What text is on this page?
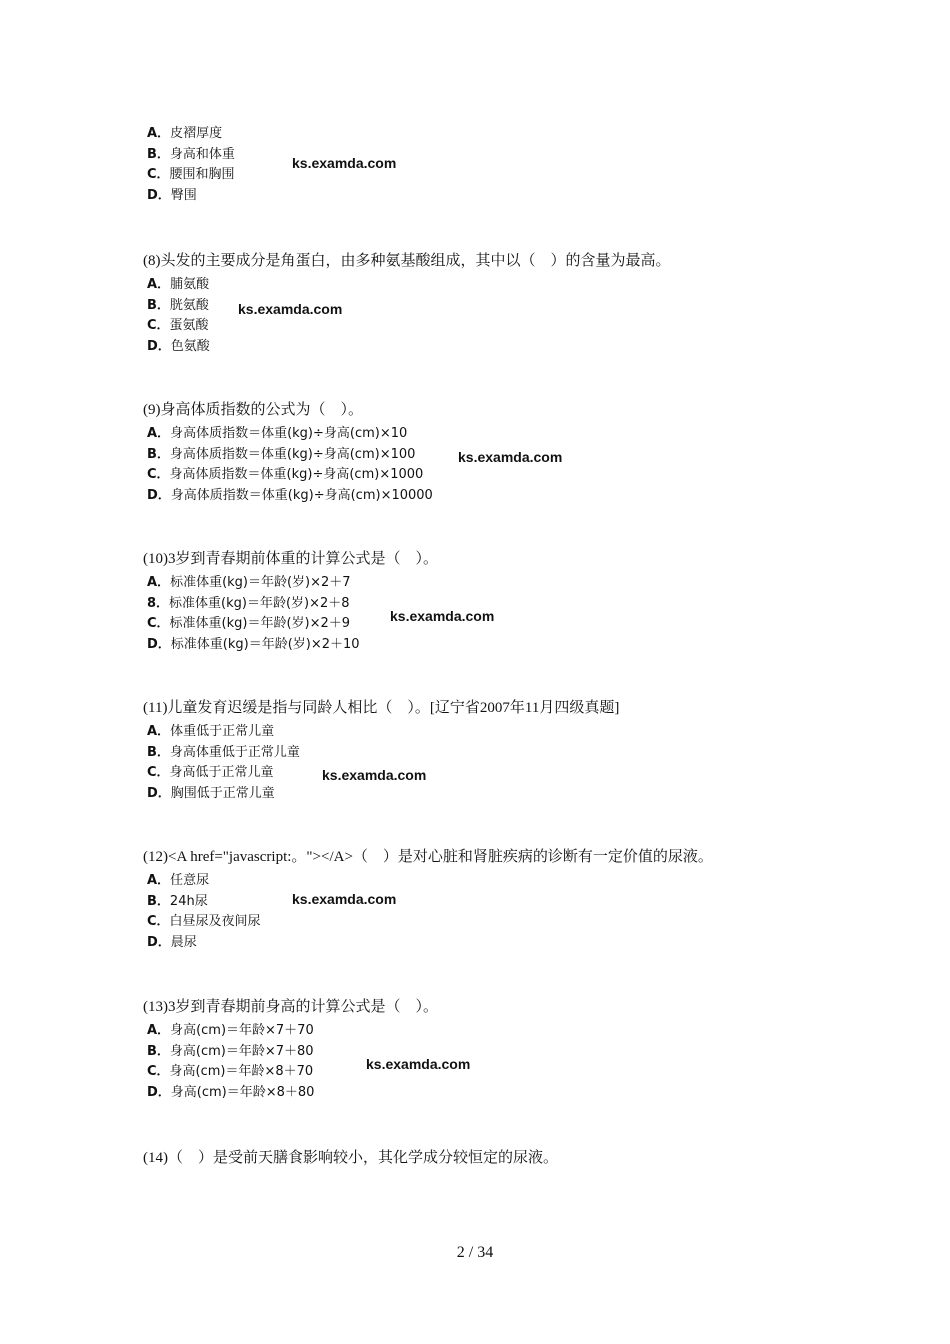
A．皮褶厚度
B．身高和体重
C．腰围和胸围
D．臀围
ks.examda.com
(8)头发的主要成分是角蛋白，由多种氨基酸组成，其中以（　）的含量为最高。
A．脯氨酸
B．胱氨酸
C．蛋氨酸
D．色氨酸
ks.examda.com
(9)身高体质指数的公式为（　）。
A．身高体质指数＝体重(kg)÷身高(cm)×10
B．身高体质指数＝体重(kg)÷身高(cm)×100
C．身高体质指数＝体重(kg)÷身高(cm)×1000
D．身高体质指数＝体重(kg)÷身高(cm)×10000
ks.examda.com
(10)3岁到青春期前体重的计算公式是（　）。
A．标准体重(kg)＝年龄(岁)×2＋7
8．标准体重(kg)＝年龄(岁)×2＋8
C．标准体重(kg)＝年龄(岁)×2＋9
D．标准体重(kg)＝年龄(岁)×2＋10
ks.examda.com
(11)儿童发育迟缓是指与同龄人相比（　）。[辽宁省2007年11月四级真题]
A．体重低于正常儿童
B．身高体重低于正常儿童
C．身高低于正常儿童
D．胸围低于正常儿童
ks.examda.com
(12)<A href="javascript:。"></A>（　）是对心脏和肾脏疾病的诊断有一定价值的尿液。
A．任意尿
B．24h尿
C．白昼尿及夜间尿
D．晨尿
ks.examda.com
(13)3岁到青春期前身高的计算公式是（　）。
A．身高(cm)＝年龄×7＋70
B．身高(cm)＝年龄×7＋80
C．身高(cm)＝年龄×8＋70
D．身高(cm)＝年龄×8＋80
ks.examda.com
(14)（　）是受前天膳食影响较小，其化学成分较恒定的尿液。
2 / 34
